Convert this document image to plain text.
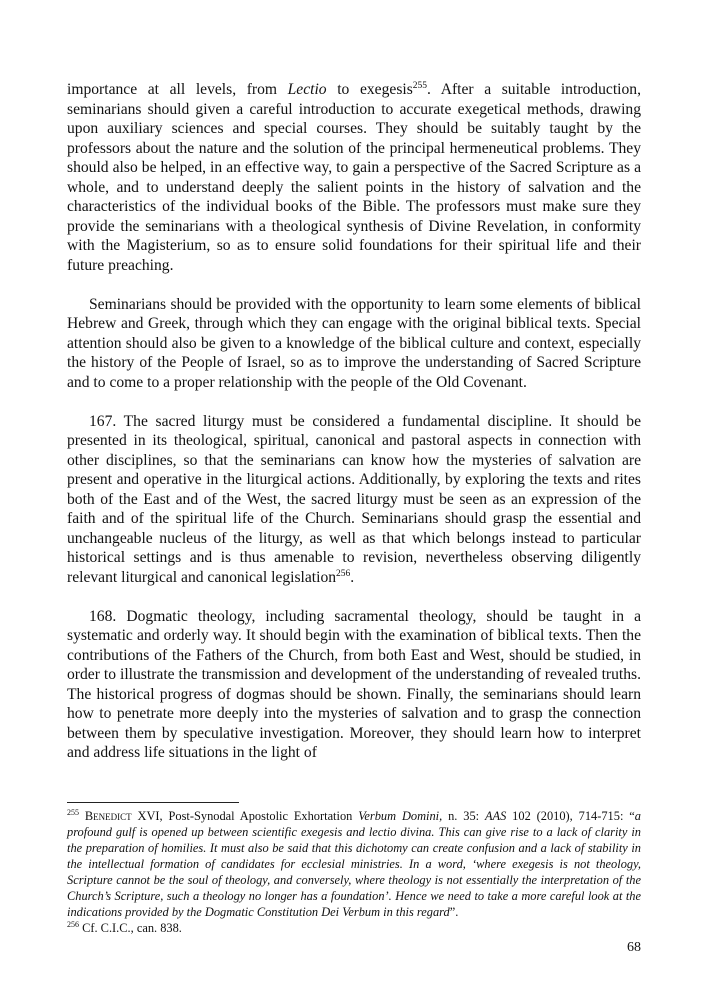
importance at all levels, from Lectio to exegesis$^{255}$. After a suitable introduction, seminarians should given a careful introduction to accurate exegetical methods, drawing upon auxiliary sciences and special courses. They should be suitably taught by the professors about the nature and the solution of the principal hermeneutical problems. They should also be helped, in an effective way, to gain a perspective of the Sacred Scripture as a whole, and to understand deeply the salient points in the history of salvation and the characteristics of the individual books of the Bible. The professors must make sure they provide the seminarians with a theological synthesis of Divine Revelation, in conformity with the Magisterium, so as to ensure solid foundations for their spiritual life and their future preaching.

Seminarians should be provided with the opportunity to learn some elements of biblical Hebrew and Greek, through which they can engage with the original biblical texts. Special attention should also be given to a knowledge of the biblical culture and context, especially the history of the People of Israel, so as to improve the understanding of Sacred Scripture and to come to a proper relationship with the people of the Old Covenant.

167. The sacred liturgy must be considered a fundamental discipline. It should be presented in its theological, spiritual, canonical and pastoral aspects in connection with other disciplines, so that the seminarians can know how the mysteries of salvation are present and operative in the liturgical actions. Additionally, by exploring the texts and rites both of the East and of the West, the sacred liturgy must be seen as an expression of the faith and of the spiritual life of the Church. Seminarians should grasp the essential and unchangeable nucleus of the liturgy, as well as that which belongs instead to particular historical settings and is thus amenable to revision, nevertheless observing diligently relevant liturgical and canonical legislation$^{256}$.

168. Dogmatic theology, including sacramental theology, should be taught in a systematic and orderly way. It should begin with the examination of biblical texts. Then the contributions of the Fathers of the Church, from both East and West, should be studied, in order to illustrate the transmission and development of the understanding of revealed truths. The historical progress of dogmas should be shown. Finally, the seminarians should learn how to penetrate more deeply into the mysteries of salvation and to grasp the connection between them by speculative investigation. Moreover, they should learn how to interpret and address life situations in the light of

$^{255}$ Benedict XVI, Post-Synodal Apostolic Exhortation Verbum Domini, n. 35: AAS 102 (2010), 714-715: “a profound gulf is opened up between scientific exegesis and lectio divina. This can give rise to a lack of clarity in the preparation of homilies. It must also be said that this dichotomy can create confusion and a lack of stability in the intellectual formation of candidates for ecclesial ministries. In a word, ‘where exegesis is not theology, Scripture cannot be the soul of theology, and conversely, where theology is not essentially the interpretation of the Church’s Scripture, such a theology no longer has a foundation’. Hence we need to take a more careful look at the indications provided by the Dogmatic Constitution Dei Verbum in this regard”.

$^{256}$ Cf. C.I.C., can. 838.

68
